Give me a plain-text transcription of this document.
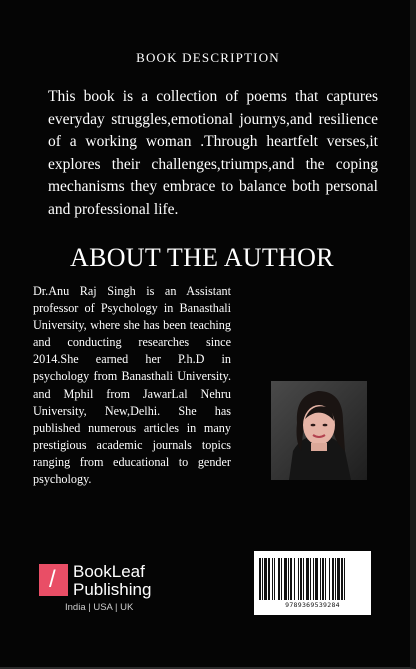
BOOK DESCRIPTION
This book is a collection of poems that captures everyday struggles,emotional journys,and resilience of a working woman .Through heartfelt verses,it explores their challenges,triumps,and the coping mechanisms they embrace to balance both personal and professional life.
ABOUT THE AUTHOR
Dr.Anu Raj Singh is an Assistant professor of Psychology in Banasthali University, where she has been teaching and conducting researches since 2014.She earned her P.h.D in psychology from Banasthali University. and Mphil from JawarLal Nehru University, New,Delhi. She has published numerous articles in many prestigious academic journals topics ranging from educational to gender psychology.
/ BookLeaf
Publishing
India | USA | UK	9789369539284
